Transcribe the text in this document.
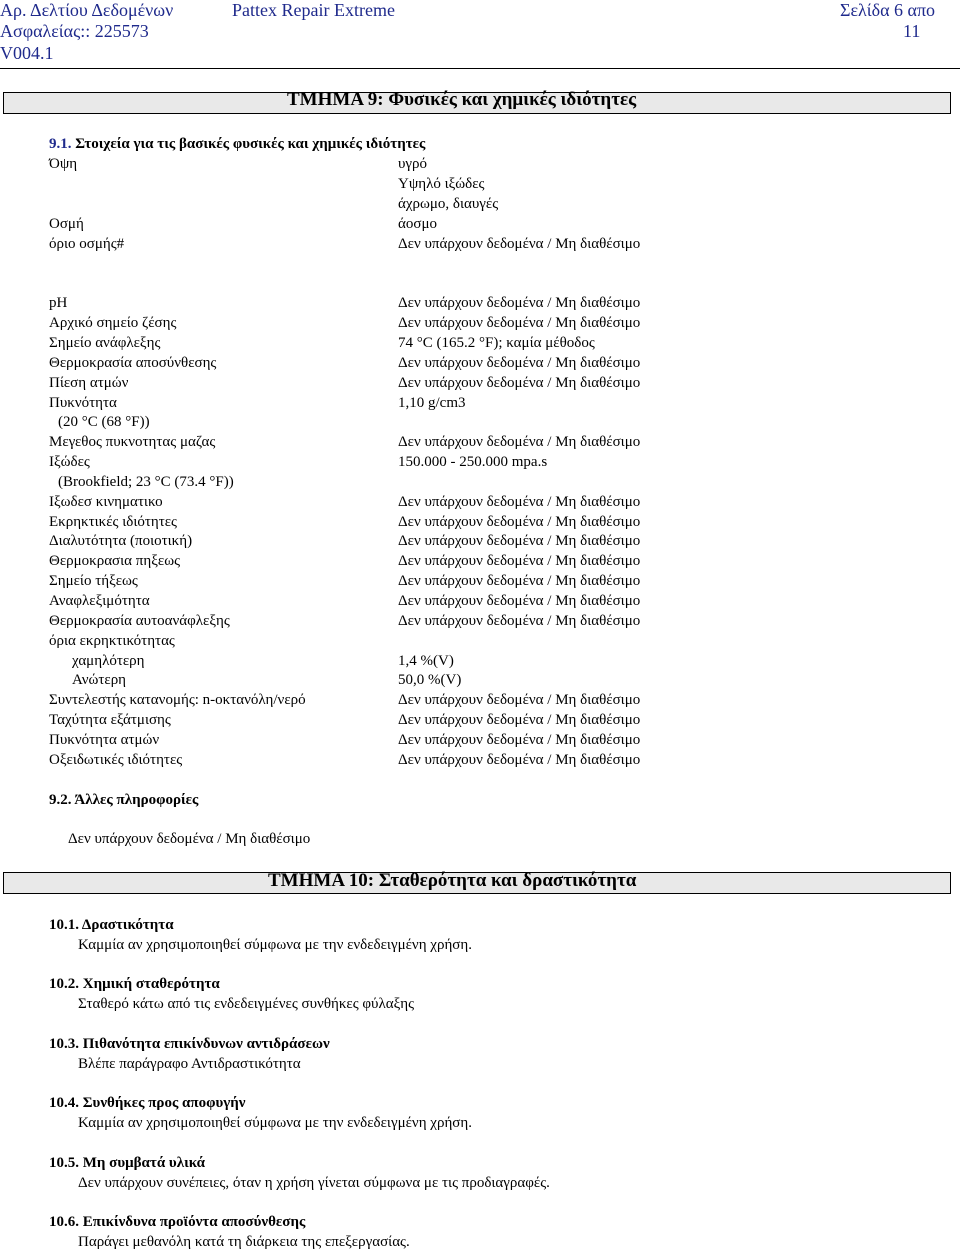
Αρ. Δελτίου Δεδομένων
Ασφαλείας:: 225573
V004.1
Pattex Repair Extreme	Σελίδα 6 απο
11
ΤΜΗΜΑ 9: Φυσικές και χημικές ιδιότητες
9.1. Στοιχεία για τις βασικές φυσικές και χημικές ιδιότητες
Όψη	υγρό
Υψηλό ιξώδες
άχρωμο, διαυγές
Οσμή	άοσμο
όριο οσμής#	Δεν υπάρχουν δεδομένα / Μη διαθέσιμο
pH	Δεν υπάρχουν δεδομένα / Μη διαθέσιμο
Αρχικό σημείο ζέσης	Δεν υπάρχουν δεδομένα / Μη διαθέσιμο
Σημείο ανάφλεξης	74 °C (165.2 °F); καμία μέθοδος
Θερμοκρασία αποσύνθεσης	Δεν υπάρχουν δεδομένα / Μη διαθέσιμο
Πίεση ατμών	Δεν υπάρχουν δεδομένα / Μη διαθέσιμο
Πυκνότητα	1,10 g/cm3
(20 °C (68 °F))
Μεγεθος πυκνοτητας μαζας	Δεν υπάρχουν δεδομένα / Μη διαθέσιμο
Ιξώδες	150.000 - 250.000 mpa.s
(Brookfield; 23 °C (73.4 °F))
Ιξωδεσ κινηματικο	Δεν υπάρχουν δεδομένα / Μη διαθέσιμο
Εκρηκτικές ιδιότητες	Δεν υπάρχουν δεδομένα / Μη διαθέσιμο
Διαλυτότητα (ποιοτική)	Δεν υπάρχουν δεδομένα / Μη διαθέσιμο
Θερμοκρασια πηξεως	Δεν υπάρχουν δεδομένα / Μη διαθέσιμο
Σημείο τήξεως	Δεν υπάρχουν δεδομένα / Μη διαθέσιμο
Αναφλεξιμότητα	Δεν υπάρχουν δεδομένα / Μη διαθέσιμο
Θερμοκρασία αυτοανάφλεξης	Δεν υπάρχουν δεδομένα / Μη διαθέσιμο
όρια εκρηκτικότητας
χαμηλότερη	1,4 %(V)
Ανώτερη	50,0 %(V)
Συντελεστής κατανομής: n-οκτανόλη/νερό	Δεν υπάρχουν δεδομένα / Μη διαθέσιμο
Ταχύτητα εξάτμισης	Δεν υπάρχουν δεδομένα / Μη διαθέσιμο
Πυκνότητα ατμών	Δεν υπάρχουν δεδομένα / Μη διαθέσιμο
Οξειδωτικές ιδιότητες	Δεν υπάρχουν δεδομένα / Μη διαθέσιμο
9.2. Άλλες πληροφορίες
Δεν υπάρχουν δεδομένα / Μη διαθέσιμο
ΤΜΗΜΑ 10: Σταθερότητα και δραστικότητα
10.1. Δραστικότητα
Καμμία αν χρησιμοποιηθεί σύμφωνα με την ενδεδειγμένη χρήση.
10.2. Χημική σταθερότητα
Σταθερό κάτω από τις ενδεδειγμένες συνθήκες φύλαξης
10.3. Πιθανότητα επικίνδυνων αντιδράσεων
Βλέπε παράγραφο Αντιδραστικότητα
10.4. Συνθήκες προς αποφυγήν
Καμμία αν χρησιμοποιηθεί σύμφωνα με την ενδεδειγμένη χρήση.
10.5. Μη συμβατά υλικά
Δεν υπάρχουν συνέπειες, όταν η χρήση γίνεται σύμφωνα με τις προδιαγραφές.
10.6. Επικίνδυνα προϊόντα αποσύνθεσης
Παράγει μεθανόλη κατά τη διάρκεια της επεξεργασίας.
